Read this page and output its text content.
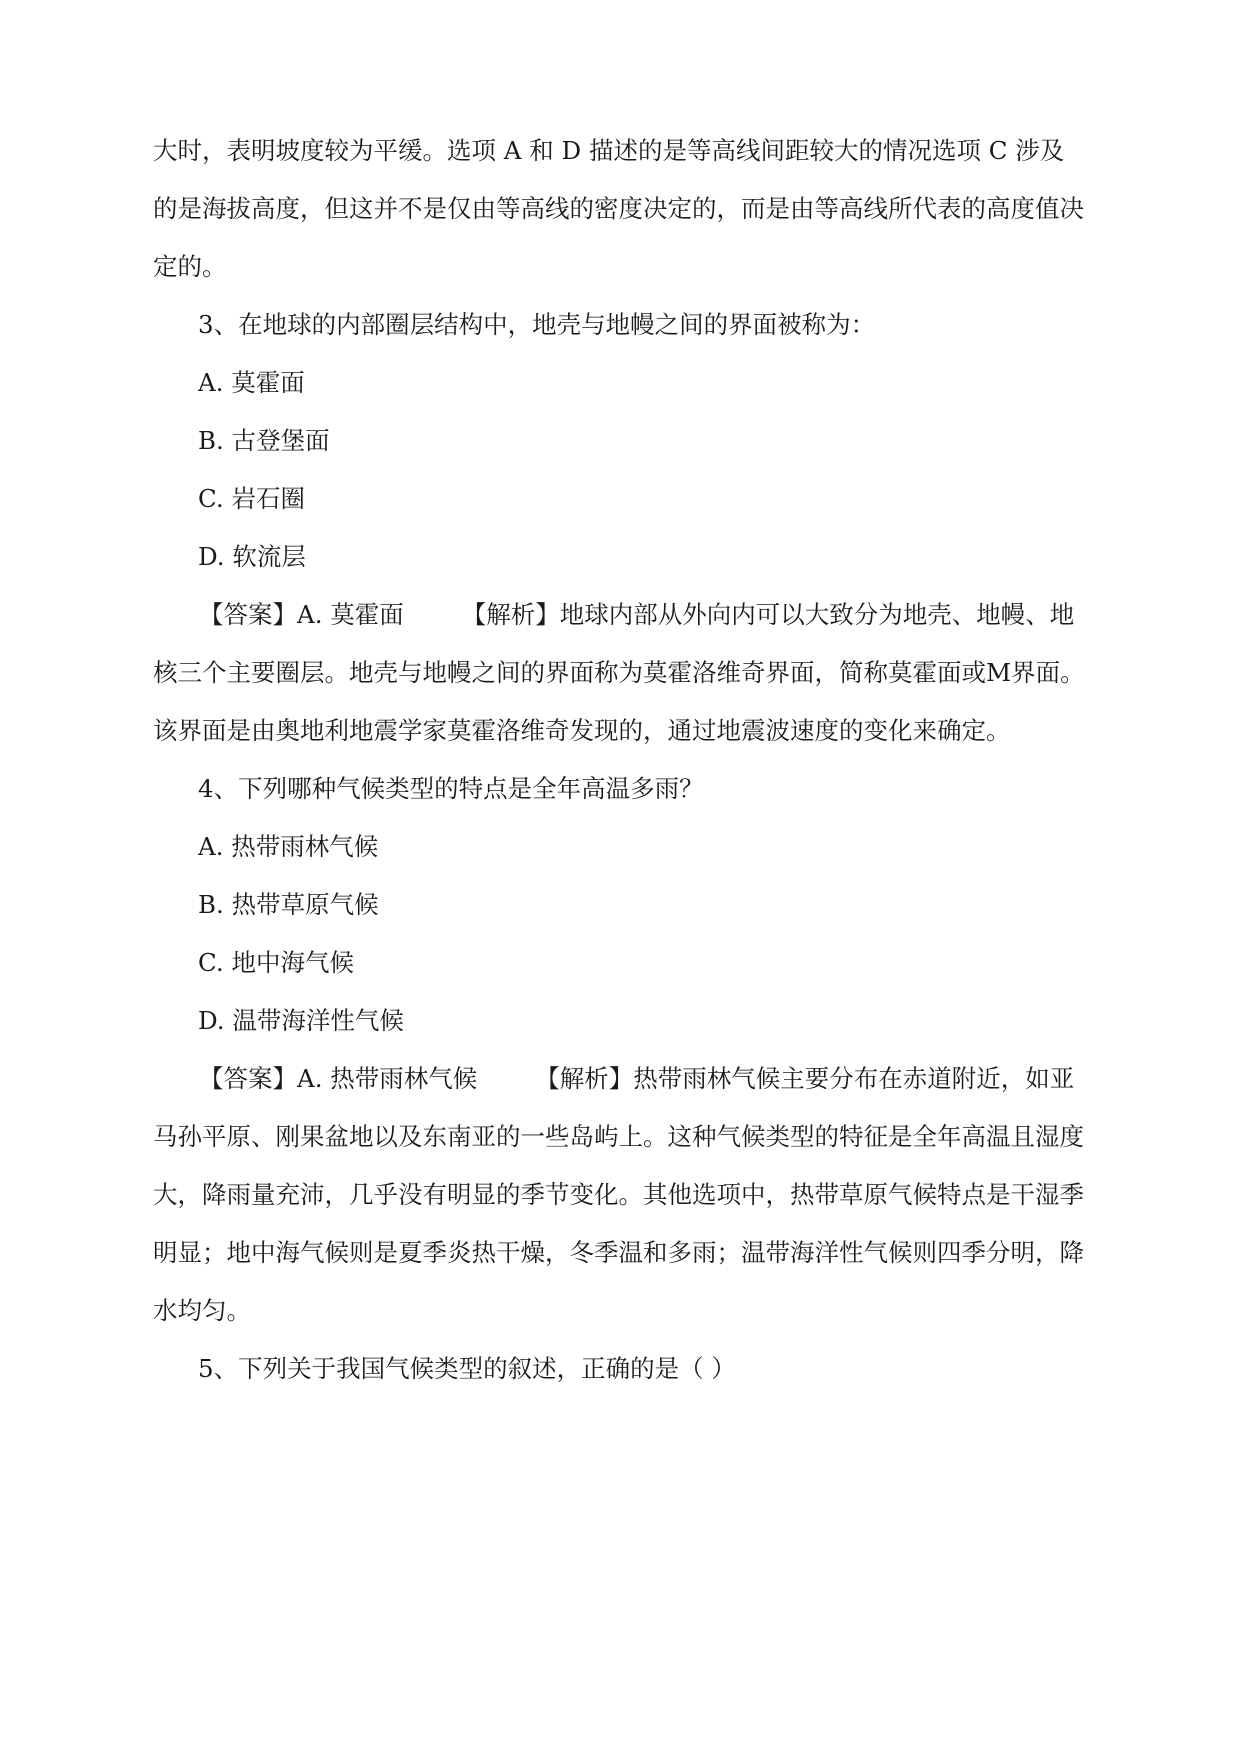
大时，表明坡度较为平缓。选项 A 和 D 描述的是等高线间距较大的情况选项 C 涉及
的是海拔高度，但这并不是仅由等高线的密度决定的，而是由等高线所代表的高度值决
定的。
3、在地球的内部圈层结构中，地壳与地幔之间的界面被称为：
A. 莫霍面
B. 古登堡面
C. 岩石圈
D. 软流层
【答案】A. 莫霍面 【解析】地球内部从外向内可以大致分为地壳、地幔、地
核三个主要圈层。地壳与地幔之间的界面称为莫霍洛维奇界面，简称莫霍面或M界面。
该界面是由奥地利地震学家莫霍洛维奇发现的，通过地震波速度的变化来确定。
4、下列哪种气候类型的特点是全年高温多雨？
A. 热带雨林气候
B. 热带草原气候
C. 地中海气候
D. 温带海洋性气候
【答案】A. 热带雨林气候 【解析】热带雨林气候主要分布在赤道附近，如亚
马孙平原、刚果盆地以及东南亚的一些岛屿上。这种气候类型的特征是全年高温且湿度
大，降雨量充沛，几乎没有明显的季节变化。其他选项中，热带草原气候特点是干湿季
明显；地中海气候则是夏季炎热干燥，冬季温和多雨；温带海洋性气候则四季分明，降
水均匀。
5、下列关于我国气候类型的叙述，正确的是（ ）
